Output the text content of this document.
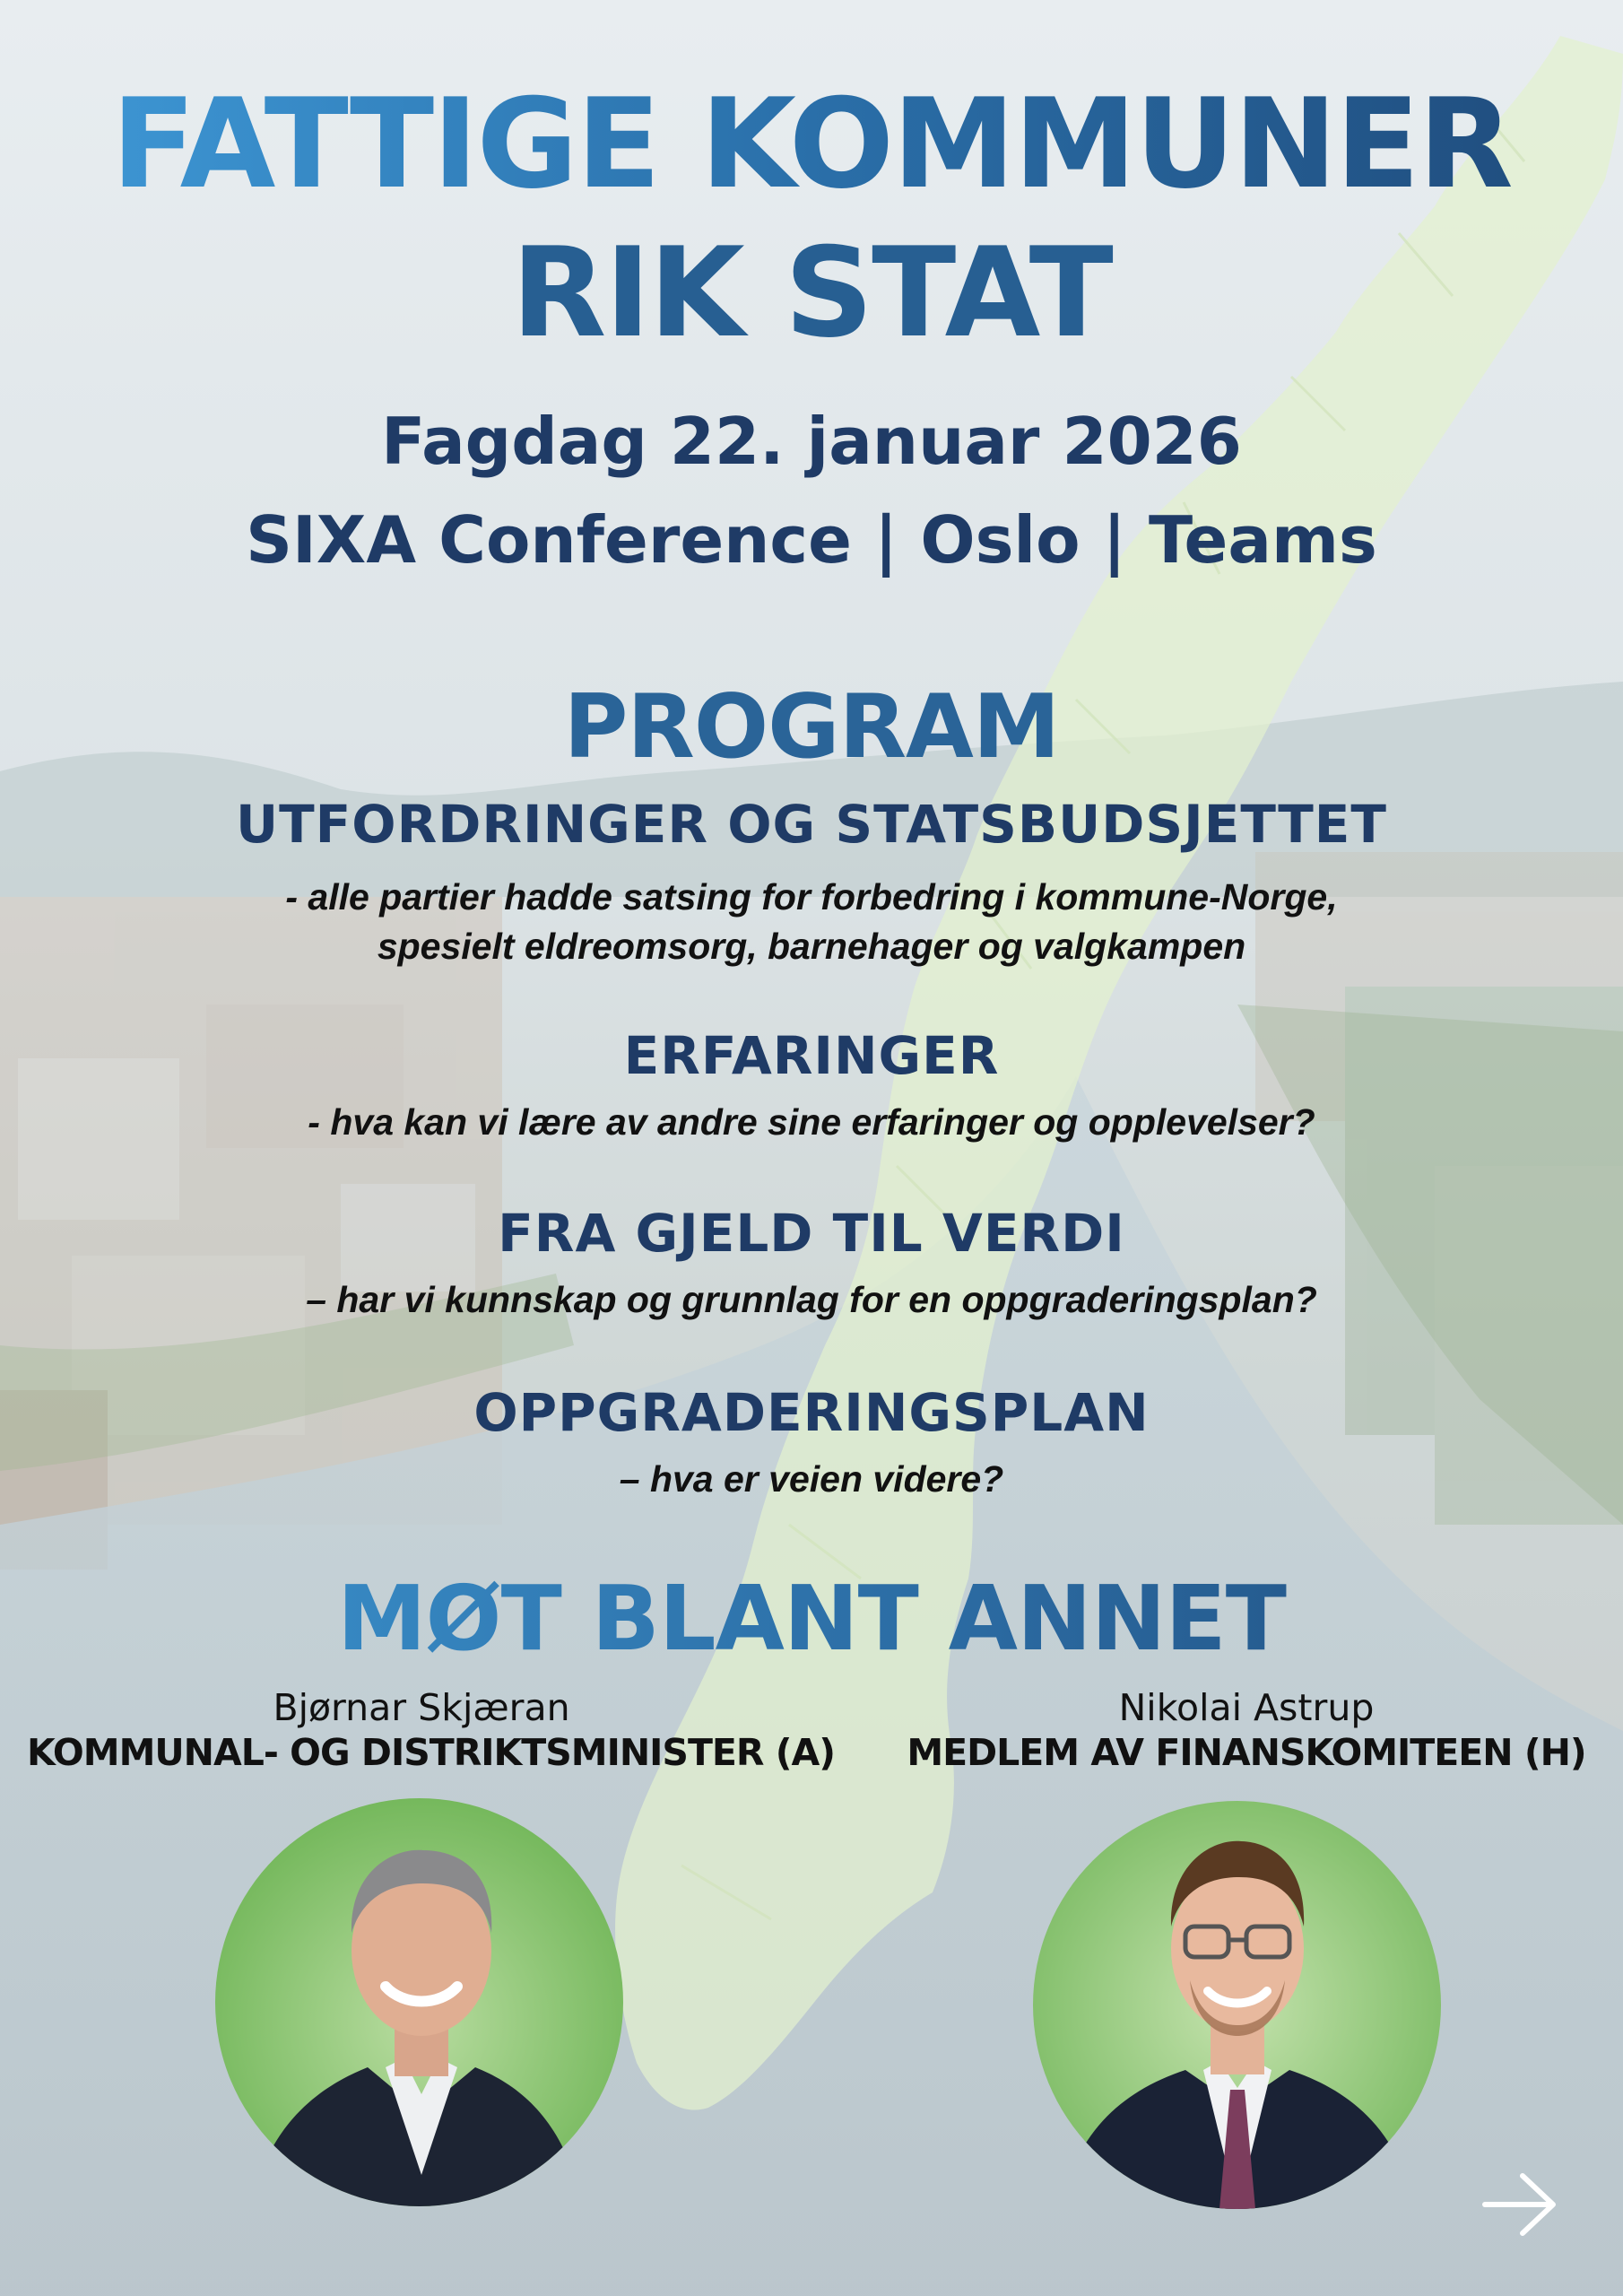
FATTIGE KOMMUNER
RIK STAT
Fagdag 22. januar 2026
SIXA Conference | Oslo | Teams
PROGRAM
UTFORDRINGER OG STATSBUDSJETTET
- alle partier hadde satsing for forbedring i kommune-Norge,
spesielt eldreomsorg, barnehager og valgkampen
ERFARINGER
- hva kan vi lære av andre sine erfaringer og opplevelser?
FRA GJELD TIL VERDI
– har vi kunnskap og grunnlag for en oppgraderingsplan?
OPPGRADERINGSPLAN
– hva er veien videre?
MØT BLANT ANNET
Bjørnar Skjæran
KOMMUNAL- OG DISTRIKTSMINISTER (A)
Nikolai Astrup
MEDLEM AV FINANSKOMITEEN (H)
